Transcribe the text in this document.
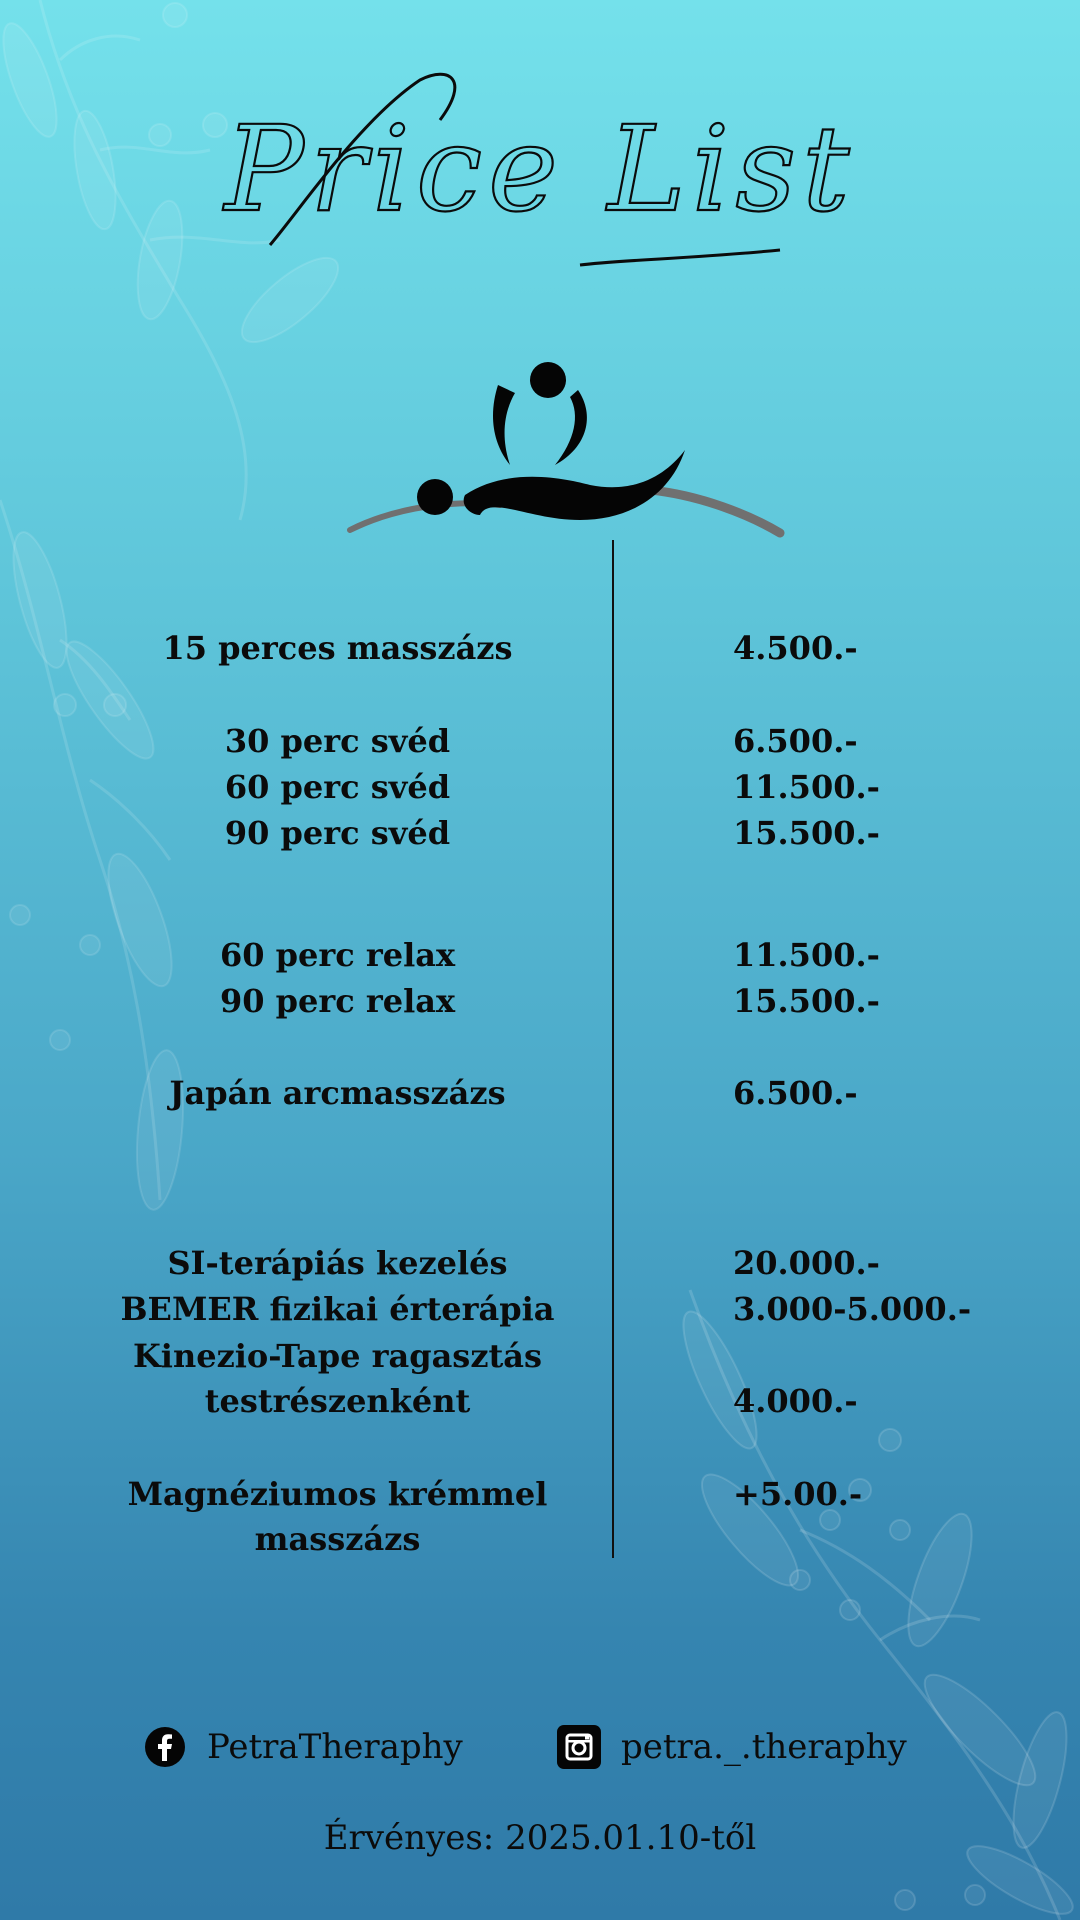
Price List
15 perces masszázs	4.500.-
30 perc svéd	6.500.-
60 perc svéd	11.500.-
90 perc svéd	15.500.-
60 perc relax	11.500.-
90 perc relax	15.500.-
Japán arcmasszázs	6.500.-
SI-terápiás kezelés	20.000.-
BEMER fizikai érterápia	3.000-5.000.-
Kinezio-Tape ragasztás
testrészenként	4.000.-
Magnéziumos krémmel	+5.00.-
masszázs
PetraTheraphy	petra._.theraphy
Érvényes: 2025.01.10-től
